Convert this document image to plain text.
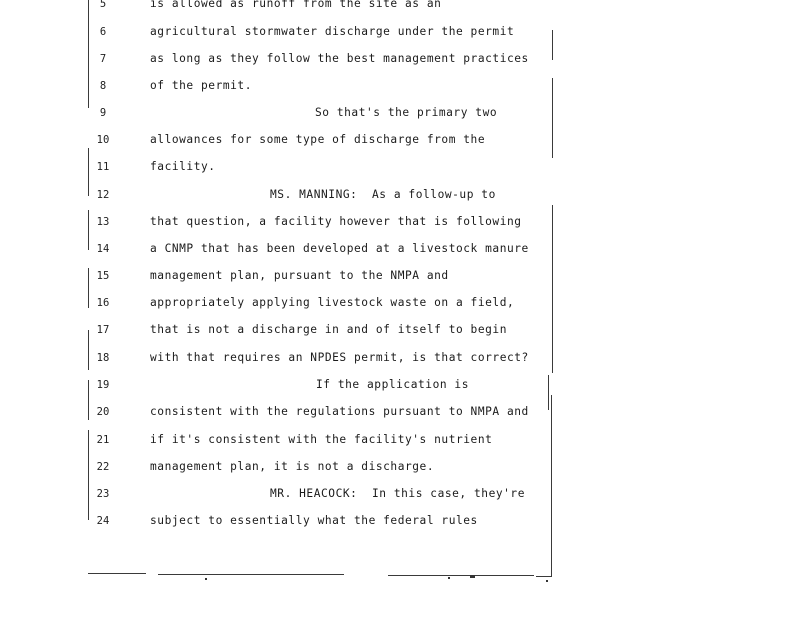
5	is allowed as runoff from the site as an
6	agricultural stormwater discharge under the permit
7	as long as they follow the best management practices
8	of the permit.
9	So that's the primary two
10	allowances for some type of discharge from the
11	facility.
12	MS. MANNING:  As a follow-up to
13	that question, a facility however that is following
14	a CNMP that has been developed at a livestock manure
15	management plan, pursuant to the NMPA and
16	appropriately applying livestock waste on a field,
17	that is not a discharge in and of itself to begin
18	with that requires an NPDES permit, is that correct?
19	If the application is
20	consistent with the regulations pursuant to NMPA and
21	if it's consistent with the facility's nutrient
22	management plan, it is not a discharge.
23	MR. HEACOCK:  In this case, they're
24	subject to essentially what the federal rules
